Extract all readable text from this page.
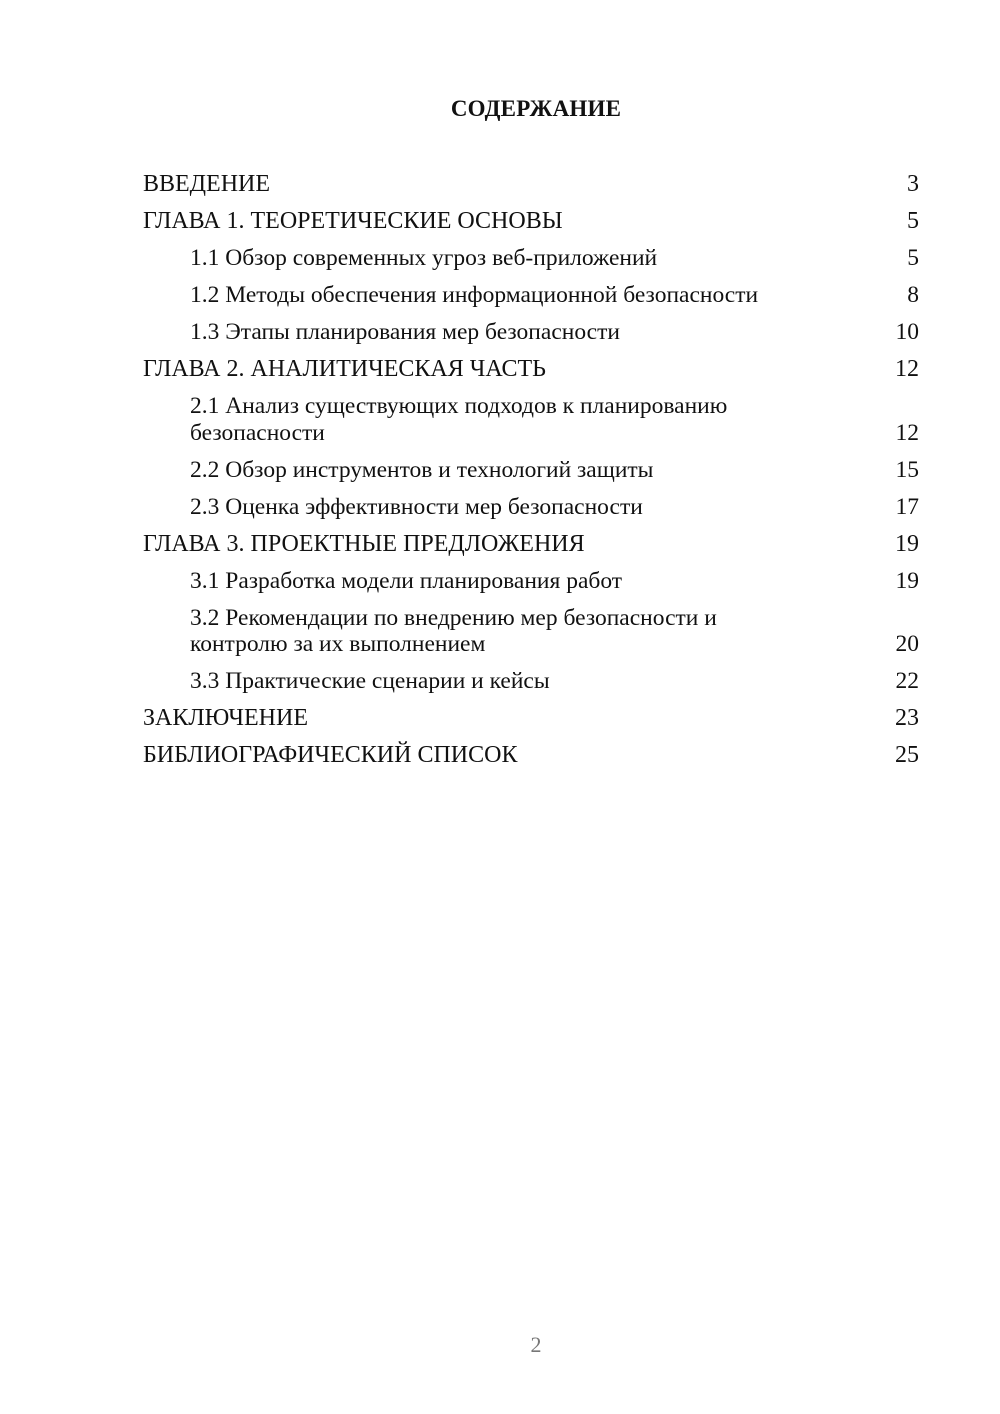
СОДЕРЖАНИЕ
ВВЕДЕНИЕ	3
ГЛАВА 1. ТЕОРЕТИЧЕСКИЕ ОСНОВЫ	5
1.1 Обзор современных угроз веб-приложений	5
1.2 Методы обеспечения информационной безопасности	8
1.3 Этапы планирования мер безопасности	10
ГЛАВА 2. АНАЛИТИЧЕСКАЯ ЧАСТЬ	12
2.1 Анализ существующих подходов к планированию безопасности	12
2.2 Обзор инструментов и технологий защиты	15
2.3 Оценка эффективности мер безопасности	17
ГЛАВА 3. ПРОЕКТНЫЕ ПРЕДЛОЖЕНИЯ	19
3.1 Разработка модели планирования работ	19
3.2 Рекомендации по внедрению мер безопасности и контролю за их выполнением	20
3.3 Практические сценарии и кейсы	22
ЗАКЛЮЧЕНИЕ	23
БИБЛИОГРАФИЧЕСКИЙ СПИСОК	25
2
